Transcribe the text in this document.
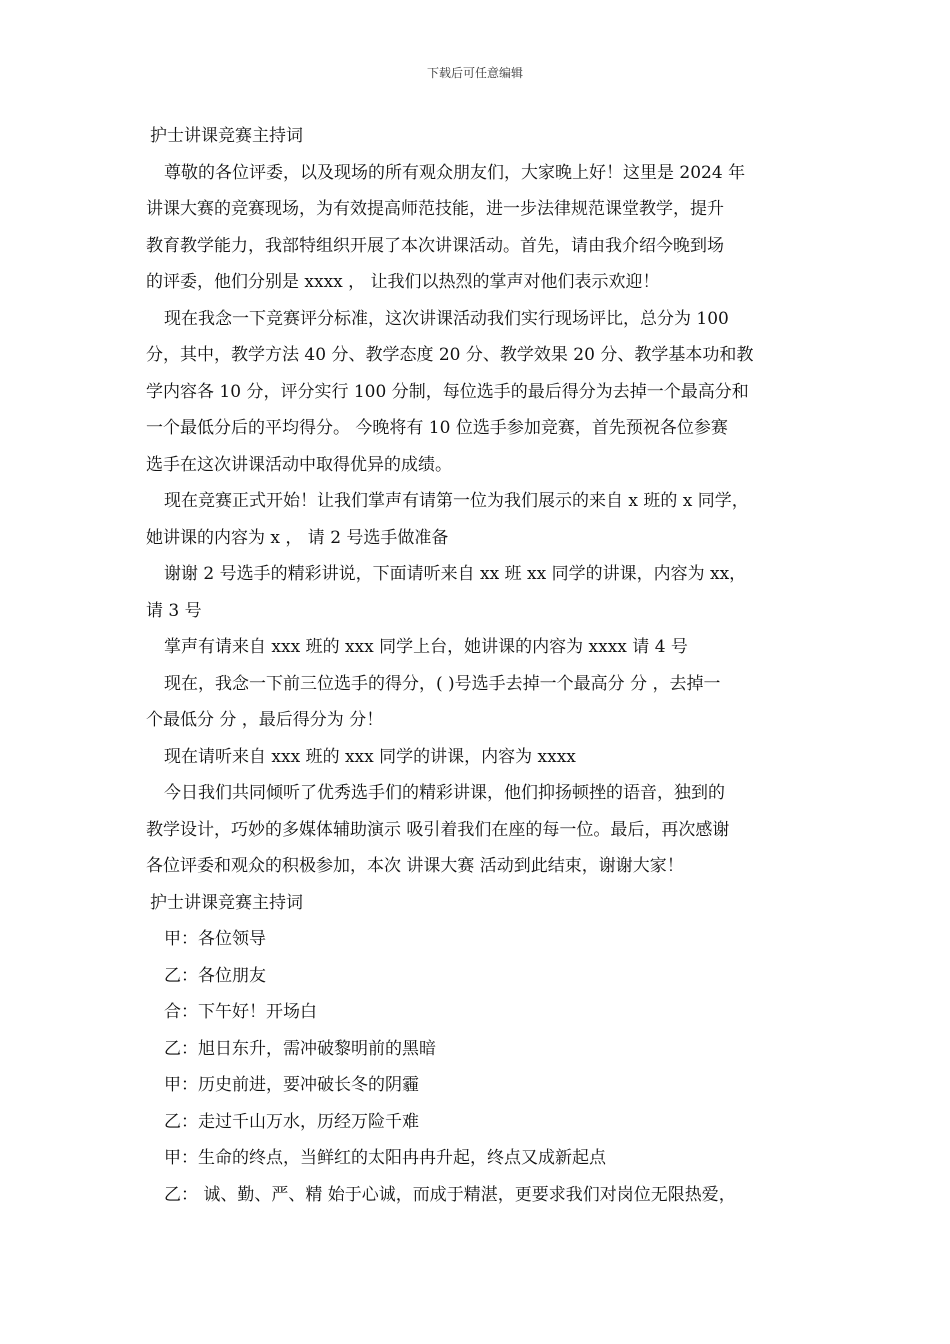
下载后可任意编辑
护士讲课竞赛主持词
尊敬的各位评委，以及现场的所有观众朋友们，大家晚上好！这里是 2024 年
讲课大赛的竞赛现场，为有效提高师范技能，进一步法律规范课堂教学，提升
教育教学能力，我部特组织开展了本次讲课活动。首先，请由我介绍今晚到场
的评委，他们分别是 xxxx ， 让我们以热烈的掌声对他们表示欢迎！
现在我念一下竞赛评分标准，这次讲课活动我们实行现场评比，总分为 100
分，其中，教学方法 40 分、教学态度 20 分、教学效果 20 分、教学基本功和教
学内容各 10 分，评分实行 100 分制，每位选手的最后得分为去掉一个最高分和
一个最低分后的平均得分。 今晚将有 10 位选手参加竞赛，首先预祝各位参赛
选手在这次讲课活动中取得优异的成绩。
现在竞赛正式开始！让我们掌声有请第一位为我们展示的来自 x 班的 x 同学，
她讲课的内容为 x ， 请 2 号选手做准备
谢谢 2 号选手的精彩讲说，下面请听来自 xx 班 xx 同学的讲课，内容为 xx，
请 3 号
掌声有请来自 xxx 班的 xxx 同学上台，她讲课的内容为 xxxx 请 4 号
现在，我念一下前三位选手的得分，( )号选手去掉一个最高分 分 ，去掉一
个最低分 分 ，最后得分为 分！
现在请听来自 xxx 班的 xxx 同学的讲课，内容为 xxxx
今日我们共同倾听了优秀选手们的精彩讲课，他们抑扬顿挫的语音，独到的
教学设计，巧妙的多媒体辅助演示 吸引着我们在座的每一位。最后，再次感谢
各位评委和观众的积极参加，本次 讲课大赛 活动到此结束，谢谢大家！
护士讲课竞赛主持词
甲：各位领导
乙：各位朋友
合：下午好！开场白
乙：旭日东升，需冲破黎明前的黑暗
甲：历史前进，要冲破长冬的阴霾
乙：走过千山万水，历经万险千难
甲：生命的终点，当鲜红的太阳冉冉升起，终点又成新起点
乙： 诚、勤、严、精 始于心诚，而成于精湛，更要求我们对岗位无限热爱，
